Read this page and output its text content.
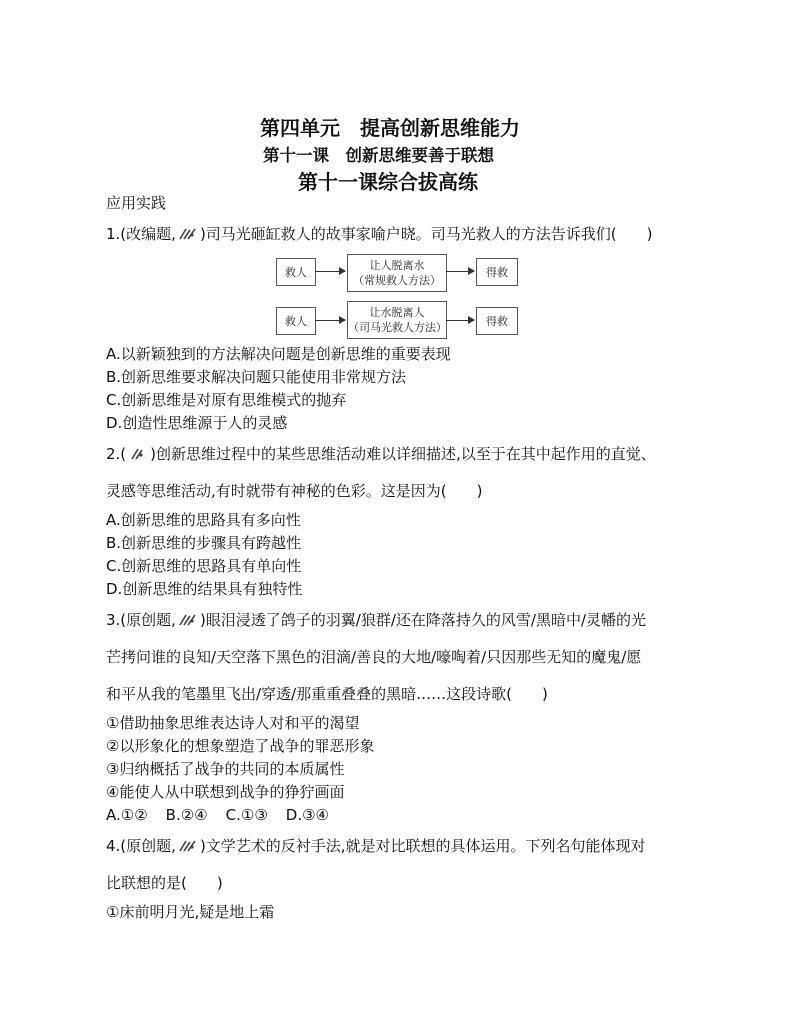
第四单元　提高创新思维能力
第十一课　创新思维要善于联想
第十一课综合拔高练
应用实践
1.(改编题, )司马光砸缸救人的故事家喻户晓。司马光救人的方法告诉我们(　　)
救人
让人脱离水
（常规救人方法）
得救
救人
让水脱离人
（司马光救人方法）	得救
A.以新颖独到的方法解决问题是创新思维的重要表现
B.创新思维要求解决问题只能使用非常规方法
C.创新思维是对原有思维模式的抛弃
D.创造性思维源于人的灵感
2.( )创新思维过程中的某些思维活动难以详细描述,以至于在其中起作用的直觉、
灵感等思维活动,有时就带有神秘的色彩。这是因为(　　)
A.创新思维的思路具有多向性
B.创新思维的步骤具有跨越性
C.创新思维的思路具有单向性
D.创新思维的结果具有独特性
3.(原创题, )眼泪浸透了鸽子的羽翼/狼群/还在降落持久的风雪/黑暗中/灵幡的光
芒拷问谁的良知/天空落下黑色的泪滴/善良的大地/嚎啕着/只因那些无知的魔鬼/愿
和平从我的笔墨里飞出/穿透/那重重叠叠的黑暗……这段诗歌(　　)
①借助抽象思维表达诗人对和平的渴望
②以形象化的想象塑造了战争的罪恶形象
③归纳概括了战争的共同的本质属性
④能使人从中联想到战争的狰狞画面
A.①② B.②④ C.①③ D.③④
4.(原创题, )文学艺术的反衬手法,就是对比联想的具体运用。下列名句能体现对
比联想的是(　　)
①床前明月光,疑是地上霜
